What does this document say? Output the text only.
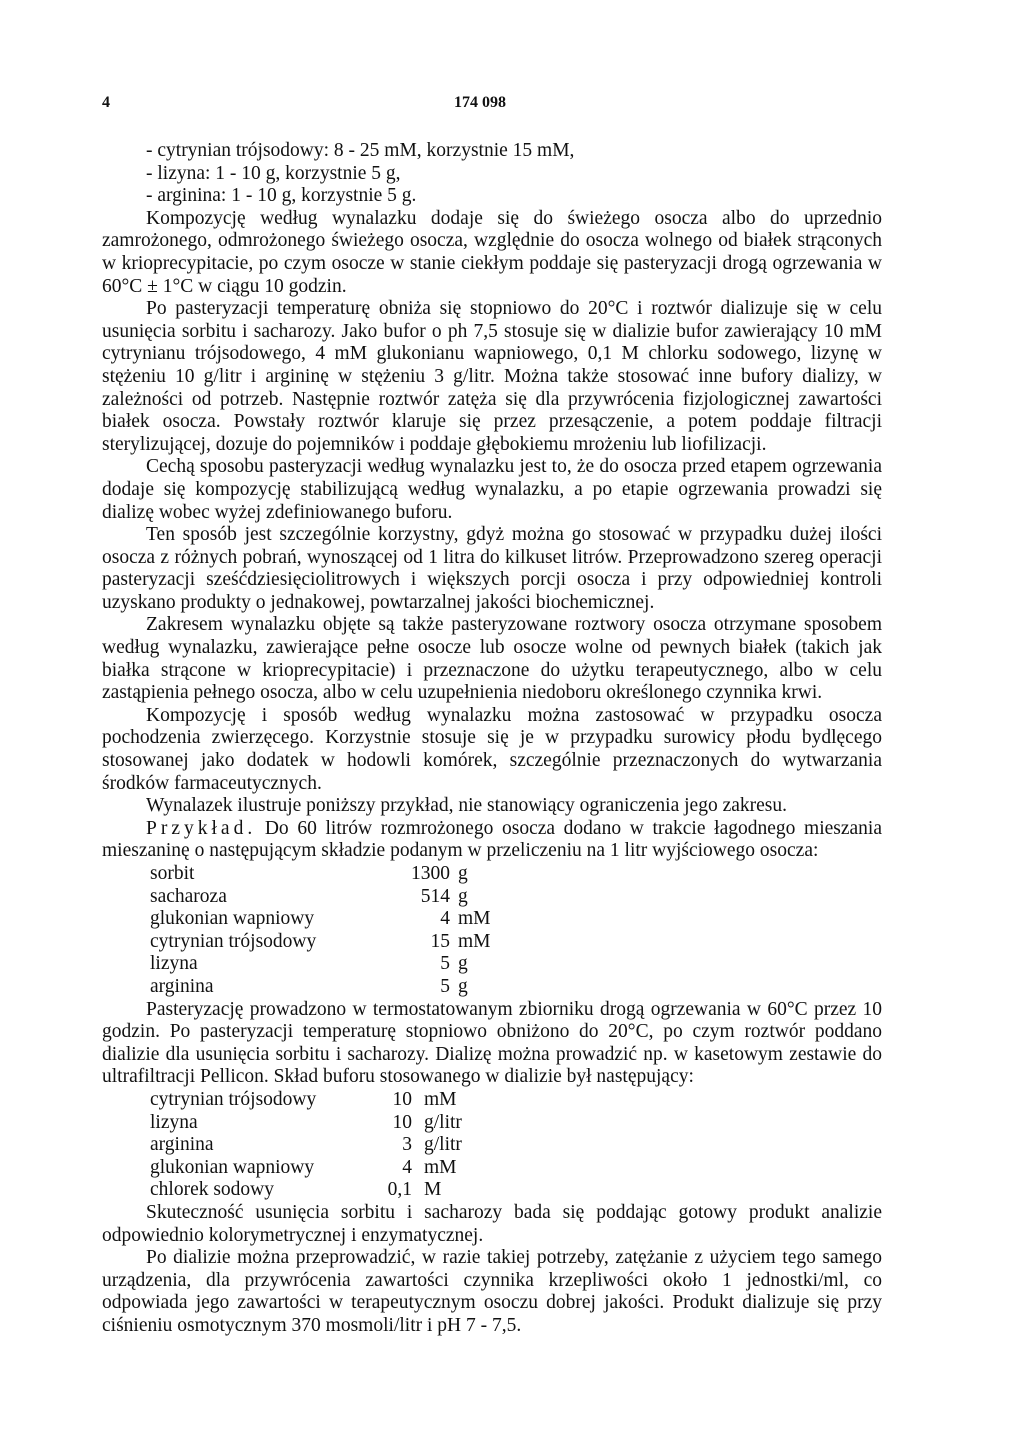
4	174 098

- cytrynian trójsodowy: 8 - 25 mM, korzystnie 15 mM,

- lizyna: 1 - 10 g, korzystnie 5 g,

- arginina: 1 - 10 g, korzystnie 5 g.

Kompozycję według wynalazku dodaje się do świeżego osocza albo do uprzednio zamrożonego, odmrożonego świeżego osocza, względnie do osocza wolnego od białek strąconych w krioprecypitacie, po czym osocze w stanie ciekłym poddaje się pasteryzacji drogą ogrzewania w 60°C ± 1°C w ciągu 10 godzin.

Po pasteryzacji temperaturę obniża się stopniowo do 20°C i roztwór dializuje się w celu usunięcia sorbitu i sacharozy. Jako bufor o ph 7,5 stosuje się w dializie bufor zawierający 10 mM cytrynianu trójsodowego, 4 mM glukonianu wapniowego, 0,1 M chlorku sodowego, lizynę w stężeniu 10 g/litr i argininę w stężeniu 3 g/litr. Można także stosować inne bufory dializy, w zależności od potrzeb. Następnie roztwór zatęża się dla przywrócenia fizjologicznej zawartości białek osocza. Powstały roztwór klaruje się przez przesączenie, a potem poddaje filtracji sterylizującej, dozuje do pojemników i poddaje głębokiemu mrożeniu lub liofilizacji.

Cechą sposobu pasteryzacji według wynalazku jest to, że do osocza przed etapem ogrzewania dodaje się kompozycję stabilizującą według wynalazku, a po etapie ogrzewania prowadzi się dializę wobec wyżej zdefiniowanego buforu.

Ten sposób jest szczególnie korzystny, gdyż można go stosować w przypadku dużej ilości osocza z różnych pobrań, wynoszącej od 1 litra do kilkuset litrów. Przeprowadzono szereg operacji pasteryzacji sześćdziesięciolitrowych i większych porcji osocza i przy odpowiedniej kontroli uzyskano produkty o jednakowej, powtarzalnej jakości biochemicznej.

Zakresem wynalazku objęte są także pasteryzowane roztwory osocza otrzymane sposobem według wynalazku, zawierające pełne osocze lub osocze wolne od pewnych białek (takich jak białka strącone w krioprecypitacie) i przeznaczone do użytku terapeutycznego, albo w celu zastąpienia pełnego osocza, albo w celu uzupełnienia niedoboru określonego czynnika krwi.

Kompozycję i sposób według wynalazku można zastosować w przypadku osocza pochodzenia zwierzęcego. Korzystnie stosuje się je w przypadku surowicy płodu bydlęcego stosowanej jako dodatek w hodowli komórek, szczególnie przeznaczonych do wytwarzania środków farmaceutycznych.

Wynalazek ilustruje poniższy przykład, nie stanowiący ograniczenia jego zakresu.

Przykład. Do 60 litrów rozmrożonego osocza dodano w trakcie łagodnego mieszania mieszaninę o następującym składzie podanym w przeliczeniu na 1 litr wyjściowego osocza:

sorbit	1300	g
sacharoza	514	g
glukonian wapniowy	4	mM
cytrynian trójsodowy	15	mM
lizyna	5	g
arginina	5	g

Pasteryzację prowadzono w termostatowanym zbiorniku drogą ogrzewania w 60°C przez 10 godzin. Po pasteryzacji temperaturę stopniowo obniżono do 20°C, po czym roztwór poddano dializie dla usunięcia sorbitu i sacharozy. Dializę można prowadzić np. w kasetowym zestawie do ultrafiltracji Pellicon. Skład buforu stosowanego w dializie był następujący:

cytrynian trójsodowy	10	mM
lizyna	10	g/litr
arginina	3	g/litr
glukonian wapniowy	4	mM
chlorek sodowy	0,1	M

Skuteczność usunięcia sorbitu i sacharozy bada się poddając gotowy produkt analizie odpowiednio kolorymetrycznej i enzymatycznej.

Po dializie można przeprowadzić, w razie takiej potrzeby, zatężanie z użyciem tego samego urządzenia, dla przywrócenia zawartości czynnika krzepliwości około 1 jednostki/ml, co odpowiada jego zawartości w terapeutycznym osoczu dobrej jakości. Produkt dializuje się przy ciśnieniu osmotycznym 370 mosmoli/litr i pH 7 - 7,5.
